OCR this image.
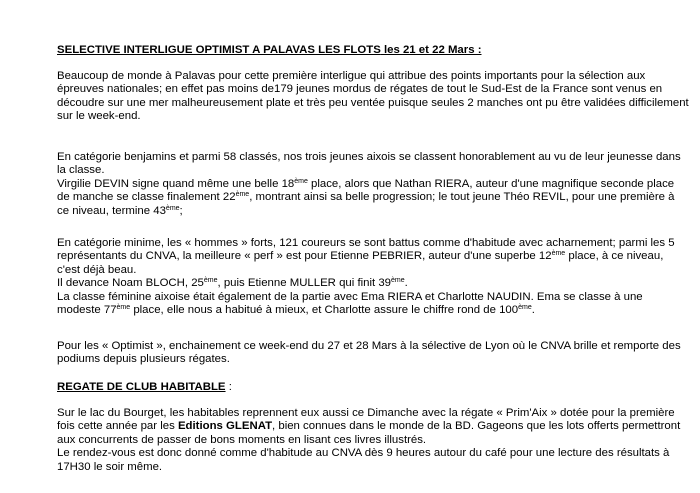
SELECTIVE INTERLIGUE OPTIMIST A PALAVAS LES FLOTS les 21 et 22 Mars :

Beaucoup de monde à Palavas pour cette première interligue qui attribue des points importants pour la sélection aux épreuves nationales; en effet pas moins de179 jeunes mordus de régates de tout le Sud-Est de la France sont venus en découdre sur une mer malheureusement plate et très peu ventée puisque seules 2 manches ont pu être validées difficilement sur le week-end.

En catégorie benjamins et parmi 58 classés, nos trois jeunes aixois se classent honorablement au vu de leur jeunesse dans la classe.

Virgilie DEVIN signe quand même une belle 18ème place, alors que Nathan RIERA, auteur d'une magnifique seconde place de manche se classe finalement 22ème, montrant ainsi sa belle progression; le tout jeune Théo REVIL, pour une première à ce niveau, termine 43ème;

En catégorie minime, les « hommes » forts, 121 coureurs se sont battus comme d'habitude avec acharnement; parmi les 5 représentants du CNVA, la meilleure « perf » est pour Etienne PEBRIER, auteur d'une superbe 12ème place, à ce niveau, c'est déjà beau.

Il devance Noam BLOCH, 25ème, puis Etienne MULLER qui finit 39ème.

La classe féminine aixoise était également de la partie avec Ema RIERA et Charlotte NAUDIN. Ema se classe à une modeste 77ème place, elle nous a habitué à mieux, et Charlotte assure le chiffre rond de 100ème.

Pour les « Optimist », enchainement ce week-end du 27 et 28 Mars à la sélective de Lyon où le CNVA brille et remporte des podiums depuis plusieurs régates.

REGATE DE CLUB HABITABLE :

Sur le lac du Bourget, les habitables reprennent eux aussi ce Dimanche avec la régate « Prim'Aix » dotée pour la première fois cette année par les Editions GLENAT, bien connues dans le monde de la BD. Gageons que les lots offerts permettront aux concurrents de passer de bons moments en lisant ces livres illustrés.

Le rendez-vous est donc donné comme d'habitude au CNVA dès 9 heures autour du café pour une lecture des résultats à 17H30 le soir même.
